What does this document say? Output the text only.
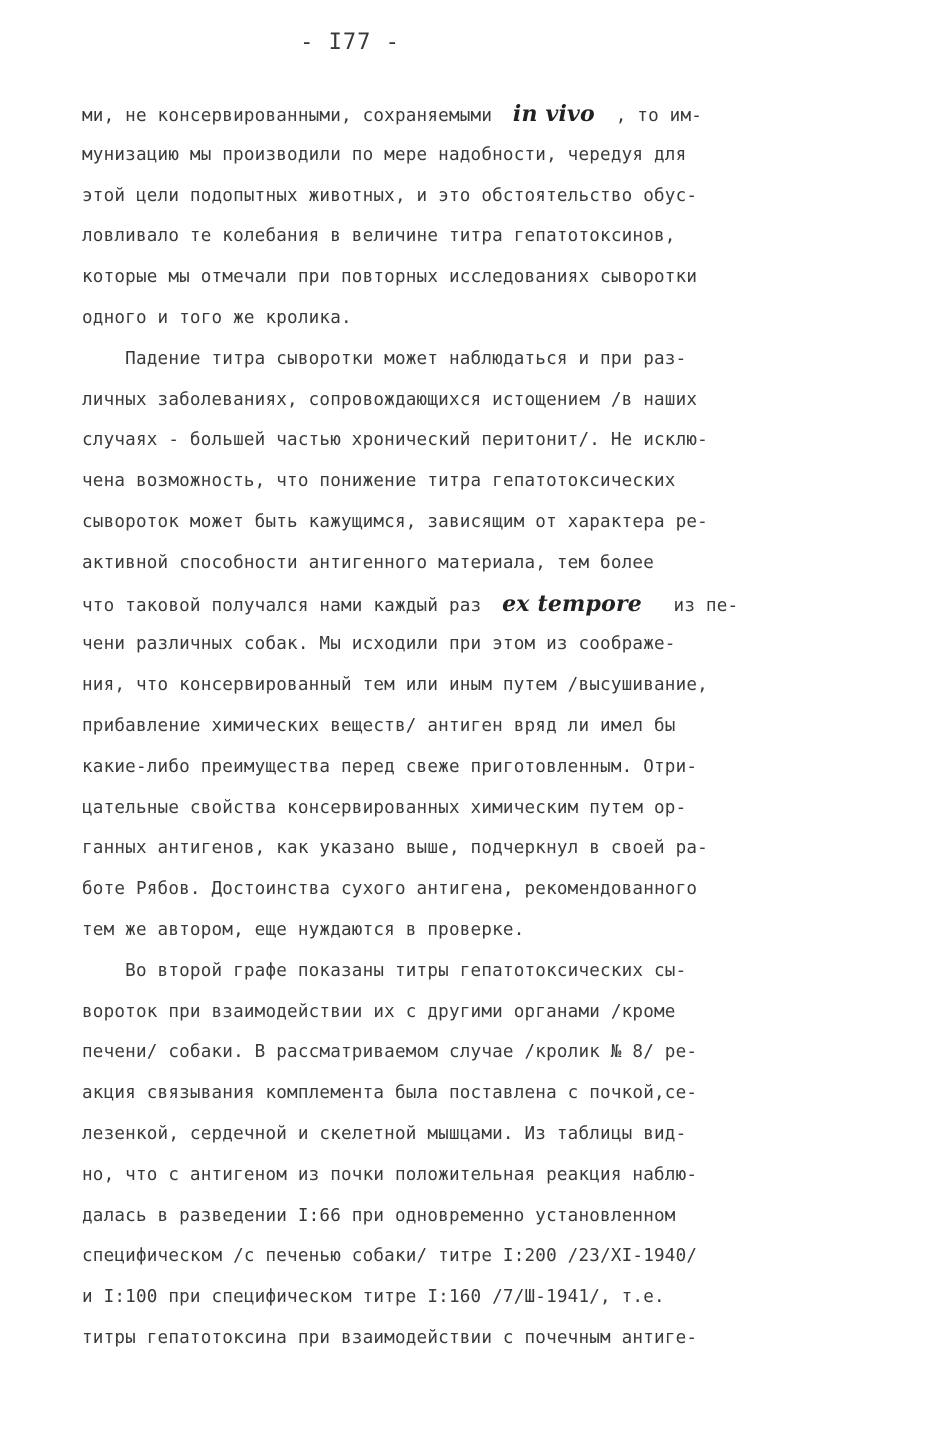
- I77 -
ми, не консервированными, сохраняемыми in vivo , то им-
мунизацию мы производили по мере надобности, чередуя для
этой цели подопытных животных, и это обстоятельство обус-
ловливало те колебания в величине титра гепатотоксинов,
которые мы отмечали при повторных исследованиях сыворотки
одного и того же кролика.
Падение титра сыворотки может наблюдаться и при раз-
личных заболеваниях, сопровождающихся истощением /в наших
случаях - большей частью хронический перитонит/. Не исклю-
чена возможность, что понижение титра гепатотоксических
сывороток может быть кажущимся, зависящим от характера ре-
активной способности антигенного материала, тем более
что таковой получался нами каждый раз ex tempore  из пе-
чени различных собак. Мы исходили при этом из соображе-
ния, что консервированный тем или иным путем /высушивание,
прибавление химических веществ/ антиген вряд ли имел бы
какие-либо преимущества перед свеже приготовленным. Отри-
цательные свойства консервированных химическим путем ор-
ганных антигенов, как указано выше, подчеркнул в своей ра-
боте Рябов. Достоинства сухого антигена, рекомендованного
тем же автором, еще нуждаются в проверке.
Во второй графе показаны титры гепатотоксических сы-
вороток при взаимодействии их с другими органами /кроме
печени/ собаки. В рассматриваемом случае /кролик № 8/ ре-
акция связывания комплемента была поставлена с почкой,се-
лезенкой, сердечной и скелетной мышцами. Из таблицы вид-
но, что с антигеном из почки положительная реакция наблю-
далась в разведении I:66 при одновременно установленном
специфическом /с печенью собаки/ титре I:200 /23/XI-1940/
и I:100 при специфическом титре I:160 /7/Ш-1941/, т.е.
титры гепатотоксина при взаимодействии с почечным антиге-
